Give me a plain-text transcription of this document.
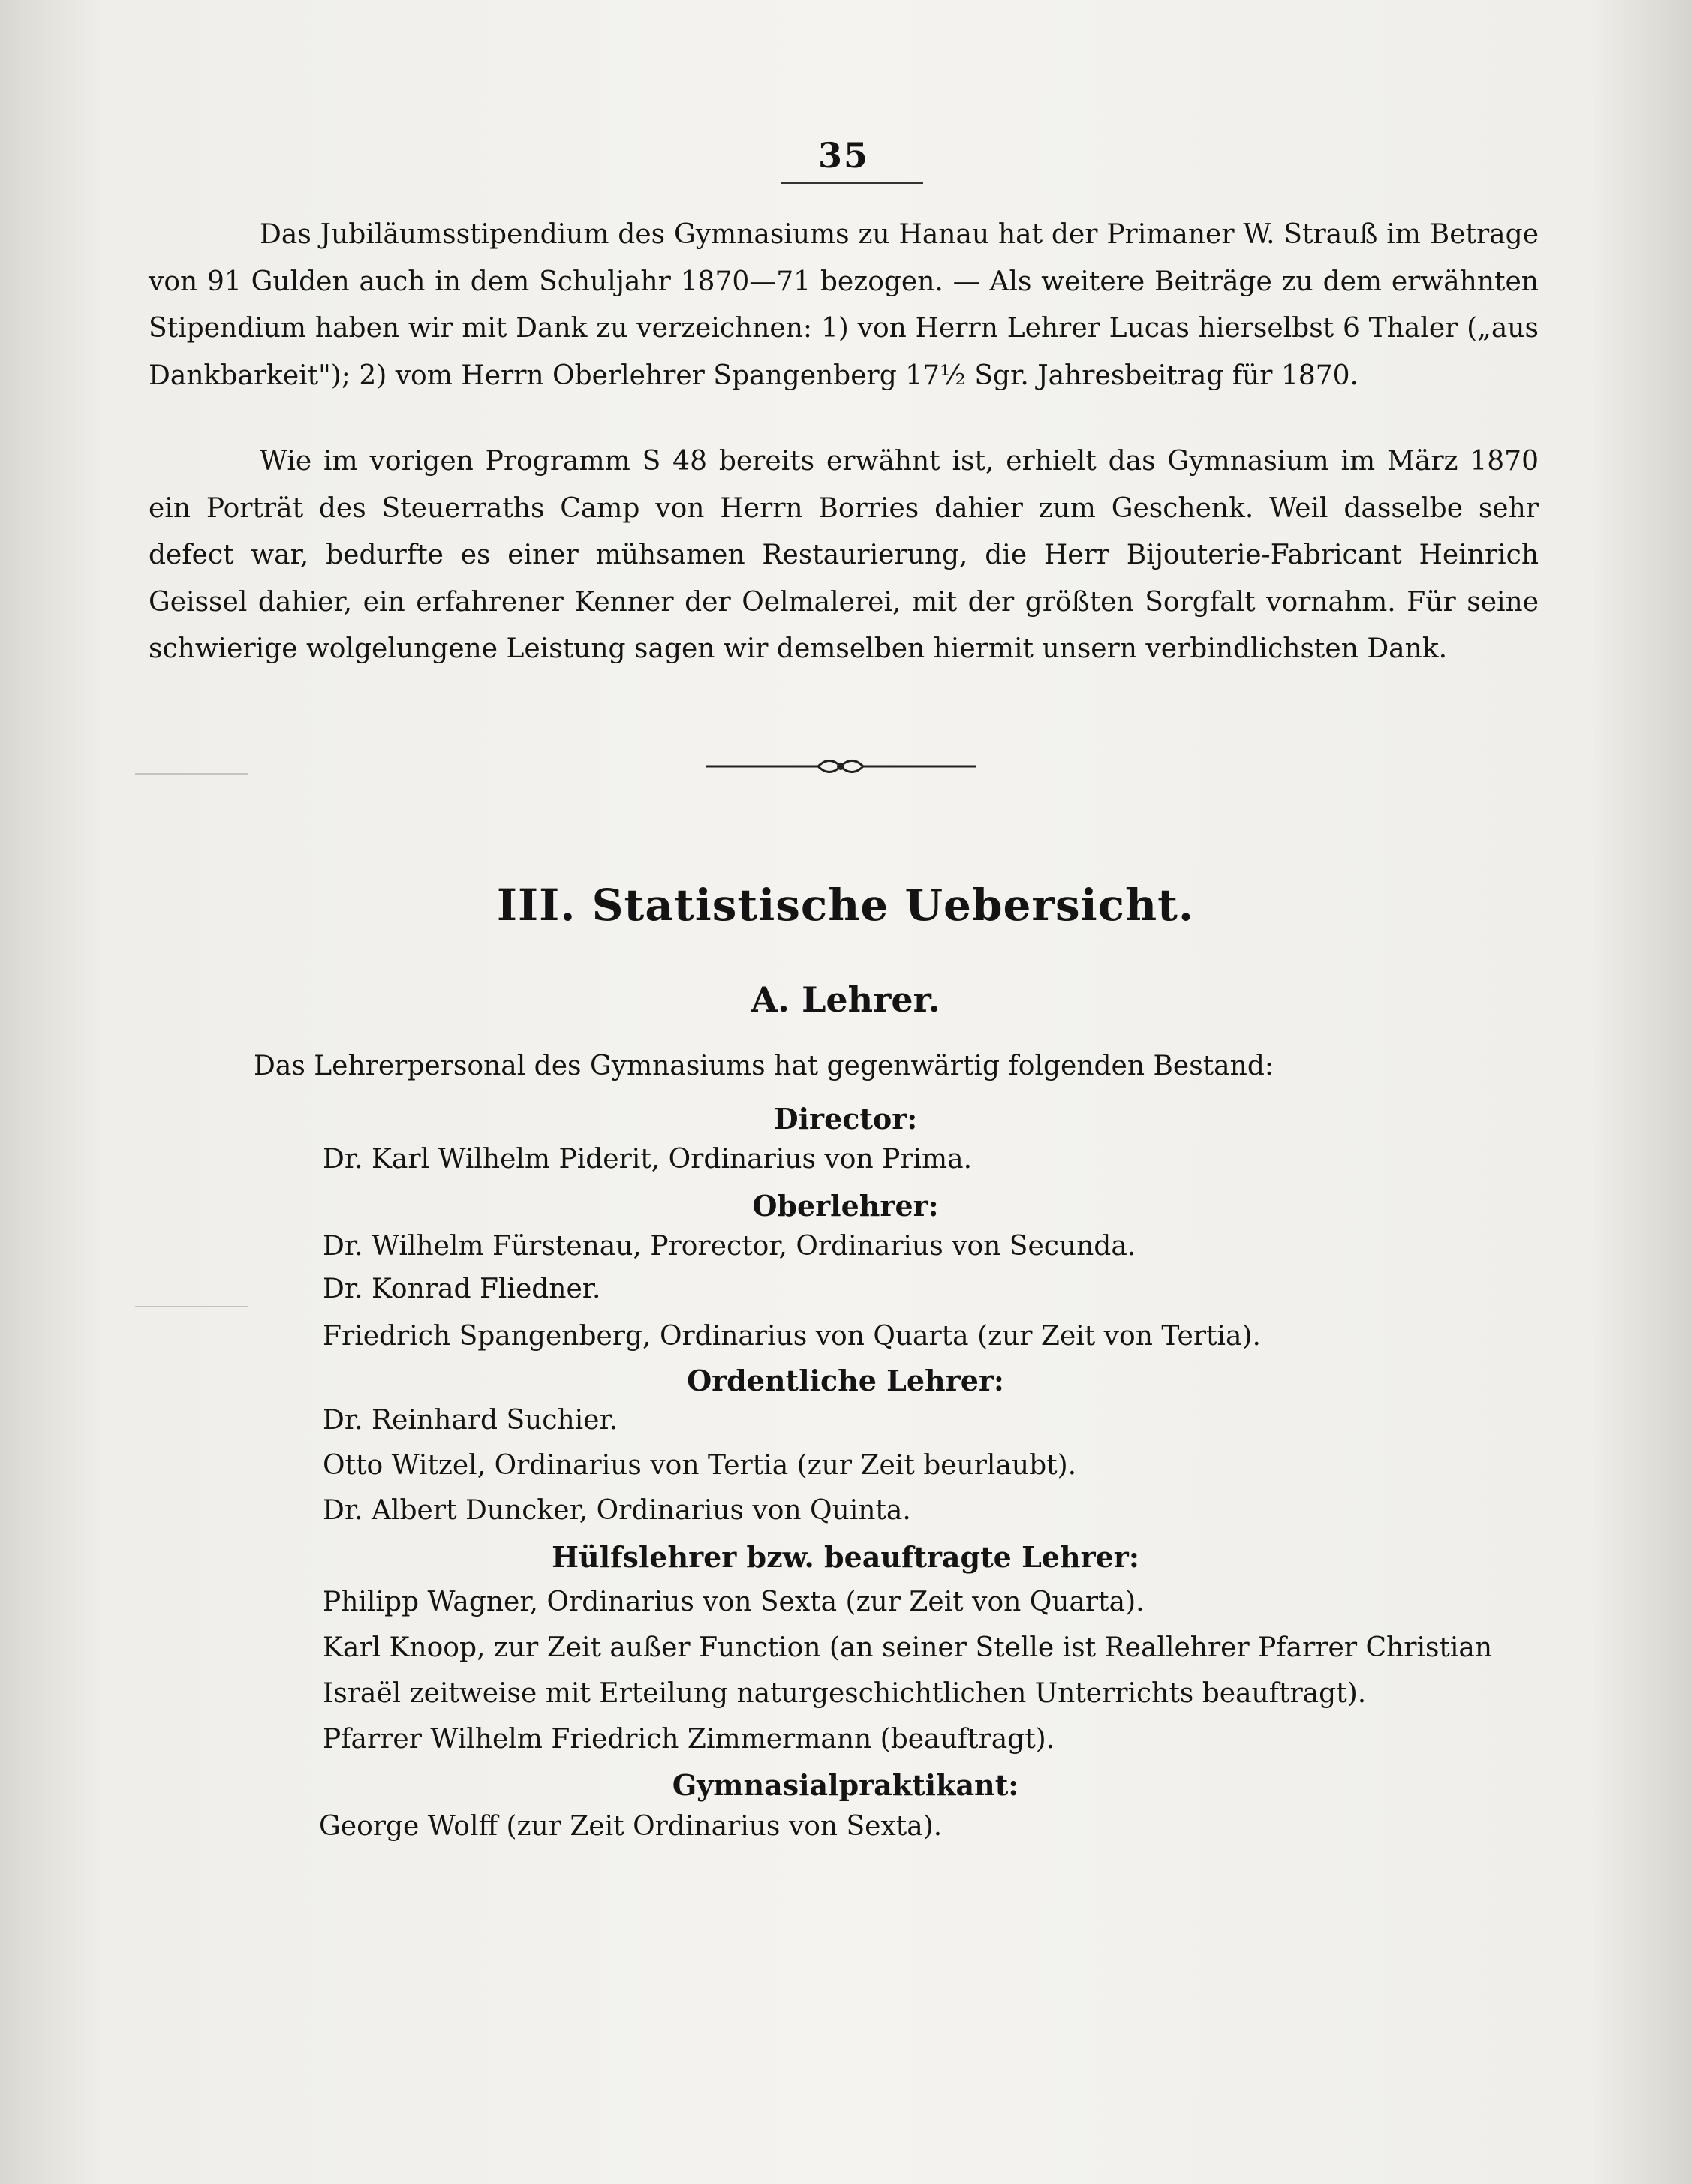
35

Das Jubiläumsstipendium des Gymnasiums zu Hanau hat der Primaner W. Strauß im Betrage von 91 Gulden auch in dem Schuljahr 1870—71 bezogen. — Als weitere Beiträge zu dem erwähnten Stipendium haben wir mit Dank zu verzeichnen: 1) von Herrn Lehrer Lucas hierselbst 6 Thaler („aus Dankbarkeit"); 2) vom Herrn Oberlehrer Spangenberg 17½ Sgr. Jahresbeitrag für 1870.

Wie im vorigen Programm S 48 bereits erwähnt ist, erhielt das Gymnasium im März 1870 ein Porträt des Steuerraths Camp von Herrn Borries dahier zum Geschenk. Weil dasselbe sehr defect war, bedurfte es einer mühsamen Restaurierung, die Herr Bijouterie-Fabricant Heinrich Geissel dahier, ein erfahrener Kenner der Oelmalerei, mit der größten Sorgfalt vornahm. Für seine schwierige wolgelungene Leistung sagen wir demselben hiermit unsern verbindlichsten Dank.

III. Statistische Uebersicht.
A. Lehrer.
Das Lehrerpersonal des Gymnasiums hat gegenwärtig folgenden Bestand:
Director:
Dr. Karl Wilhelm Piderit, Ordinarius von Prima.
Oberlehrer:
Dr. Wilhelm Fürstenau, Prorector, Ordinarius von Secunda.
Dr. Konrad Fliedner.
Friedrich Spangenberg, Ordinarius von Quarta (zur Zeit von Tertia).
Ordentliche Lehrer:
Dr. Reinhard Suchier.
Otto Witzel, Ordinarius von Tertia (zur Zeit beurlaubt).
Dr. Albert Duncker, Ordinarius von Quinta.
Hülfslehrer bzw. beauftragte Lehrer:
Philipp Wagner, Ordinarius von Sexta (zur Zeit von Quarta).
Karl Knoop, zur Zeit außer Function (an seiner Stelle ist Reallehrer Pfarrer Christian
Israël zeitweise mit Erteilung naturgeschichtlichen Unterrichts beauftragt).
Pfarrer Wilhelm Friedrich Zimmermann (beauftragt).
Gymnasialpraktikant:
George Wolff (zur Zeit Ordinarius von Sexta).
